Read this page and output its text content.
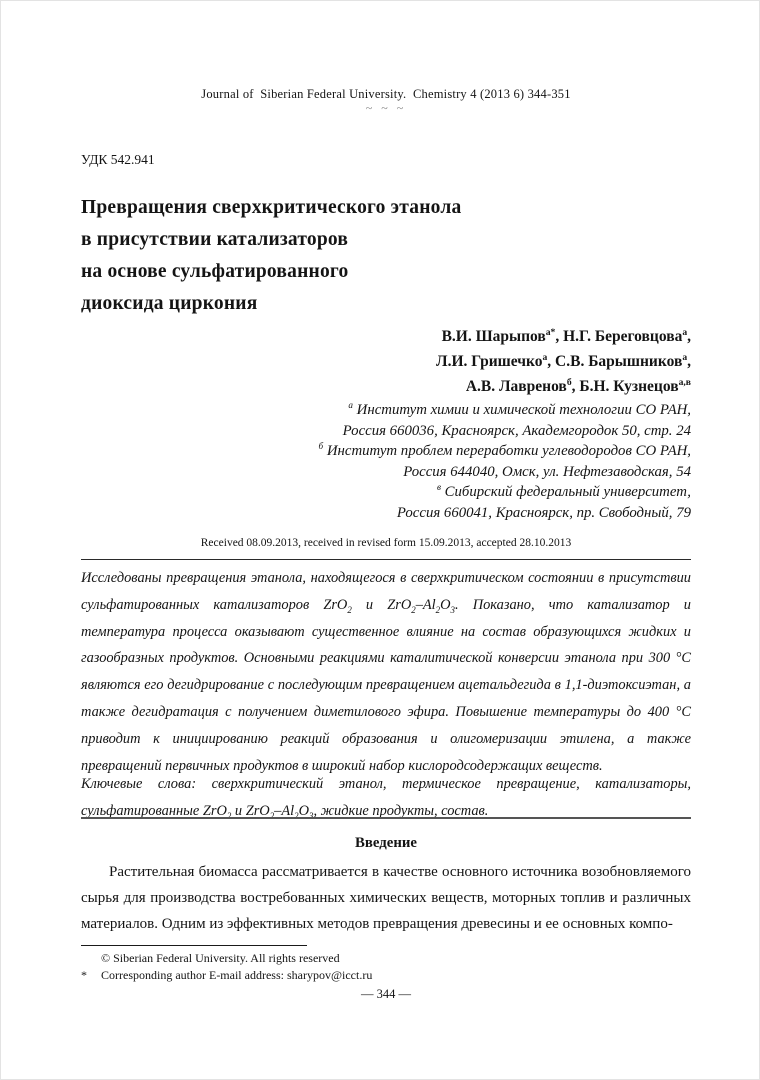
Journal of  Siberian Federal University.  Chemistry 4 (2013 6) 344-351
~ ~ ~
УДК 542.941
Превращения сверхкритического этанола
в присутствии катализаторов
на основе сульфатированного
диоксида циркония
В.И. Шарыпов$^{а*}$, Н.Г. Береговцова$^а$,
Л.И. Гришечко$^а$, С.В. Барышников$^а$,
А.В. Лавренов$^б$, Б.Н. Кузнецов$^{а,в}$
$^а$ Институт химии и химической технологии СО РАН,
Россия 660036, Красноярск, Академгородок 50, стр. 24
$^б$ Институт проблем переработки углеводородов СО РАН,
Россия 644040, Омск, ул. Нефтезаводская, 54
$^в$ Сибирский федеральный университет,
Россия 660041, Красноярск, пр. Свободный, 79
Received 08.09.2013, received in revised form 15.09.2013, accepted 28.10.2013
Исследованы превращения этанола, находящегося в сверхкритическом состоянии в присутствии сульфатированных катализаторов ZrO$_2$ и $ZrO_2-Al_2O_3$. Показано, что катализатор и температура процесса оказывают существенное влияние на состав образующихся жидких и газообразных продуктов. Основными реакциями каталитической конверсии этанола при 300 °С являются его дегидрирование с последующим превращением ацетальдегида в 1,1-диэтоксиэтан, а также дегидратация с получением диметилового эфира. Повышение температуры до 400 °С приводит к инициированию реакций образования и олигомеризации этилена, а также превращений первичных продуктов в широкий набор кислородсодержащих веществ.
Ключевые слова: сверхкритический этанол, термическое превращение, катализаторы, сульфатированные ZrO$_2$ и $ZrO_2-Al_2O_3$, жидкие продукты, состав.
Введение
Растительная биомасса рассматривается в качестве основного источника возобновляемого сырья для производства востребованных химических веществ, моторных топлив и различных материалов. Одним из эффективных методов превращения древесины и ее основных компо-
© Siberian Federal University. All rights reserved
*	Corresponding author E-mail address: sharypov@icct.ru
— 344 —
